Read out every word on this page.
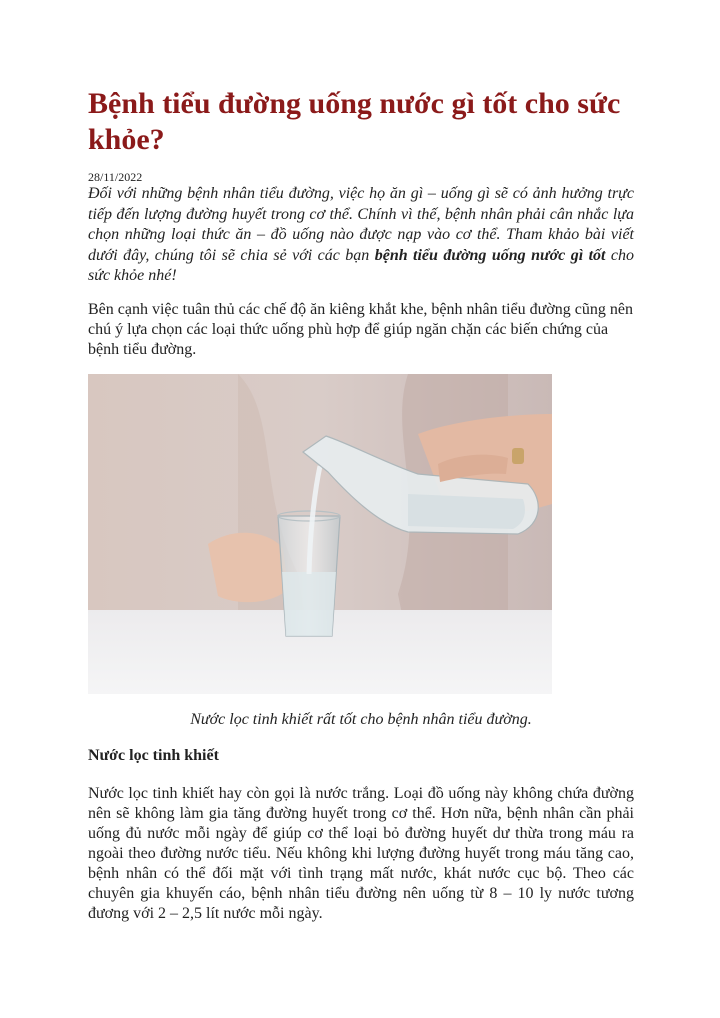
Bệnh tiểu đường uống nước gì tốt cho sức khỏe?
28/11/2022

Đối với những bệnh nhân tiểu đường, việc họ ăn gì – uống gì sẽ có ảnh hưởng trực tiếp đến lượng đường huyết trong cơ thể. Chính vì thế, bệnh nhân phải cân nhắc lựa chọn những loại thức ăn – đồ uống nào được nạp vào cơ thể. Tham khảo bài viết dưới đây, chúng tôi sẽ chia sẻ với các bạn bệnh tiểu đường uống nước gì tốt cho sức khỏe nhé!

Bên cạnh việc tuân thủ các chế độ ăn kiêng khắt khe, bệnh nhân tiểu đường cũng nên chú ý lựa chọn các loại thức uống phù hợp để giúp ngăn chặn các biến chứng của bệnh tiểu đường.

Nước lọc tinh khiết rất tốt cho bệnh nhân tiểu đường.

Nước lọc tinh khiết

Nước lọc tinh khiết hay còn gọi là nước trắng. Loại đồ uống này không chứa đường nên sẽ không làm gia tăng đường huyết trong cơ thể. Hơn nữa, bệnh nhân cần phải uống đủ nước mỗi ngày để giúp cơ thể loại bỏ đường huyết dư thừa trong máu ra ngoài theo đường nước tiểu. Nếu không khi lượng đường huyết trong máu tăng cao, bệnh nhân có thể đối mặt với tình trạng mất nước, khát nước cục bộ. Theo các chuyên gia khuyến cáo, bệnh nhân tiểu đường nên uống từ 8 – 10 ly nước tương đương với 2 – 2,5 lít nước mỗi ngày.
